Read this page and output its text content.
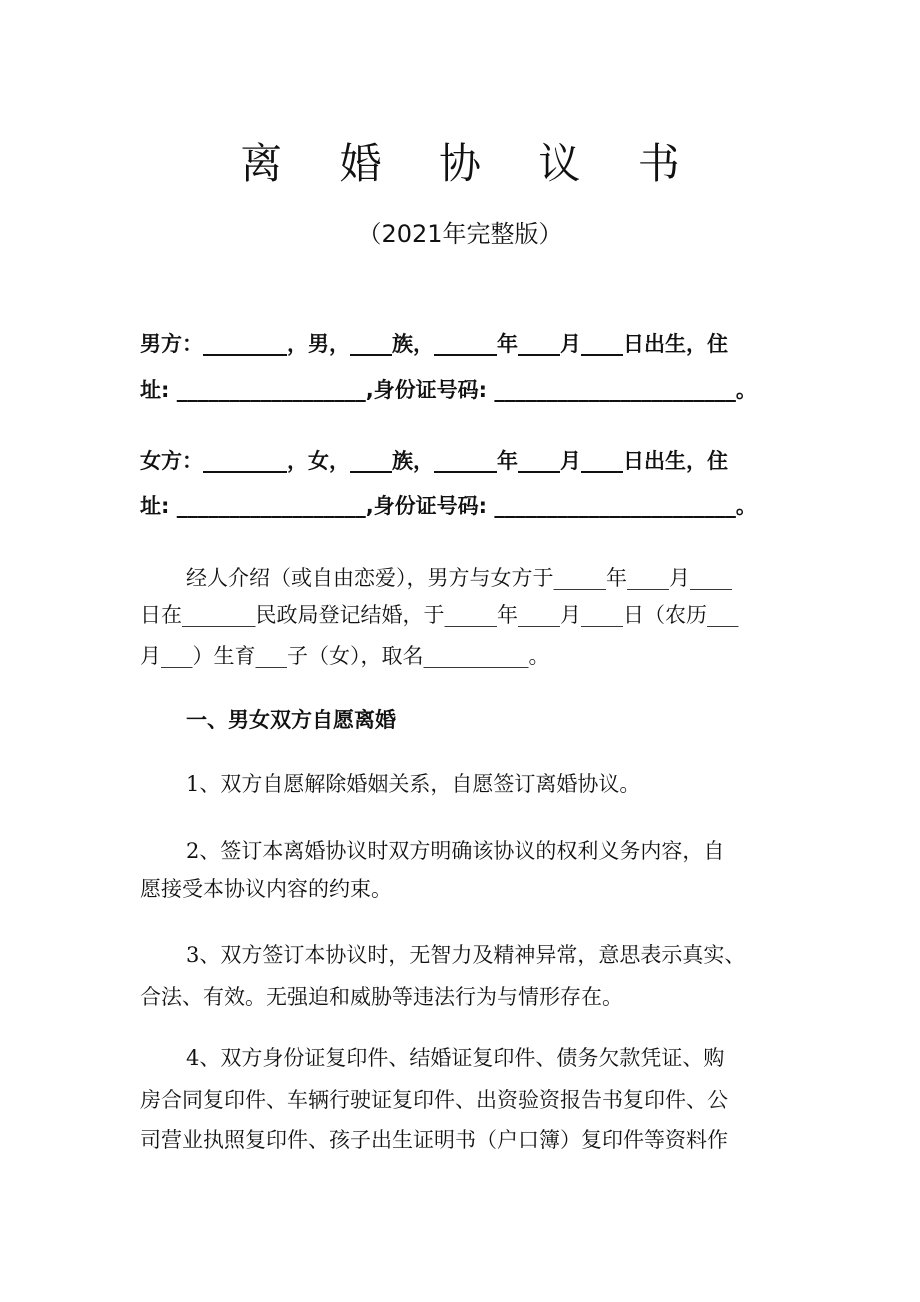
离 婚 协 议 书
（2021年完整版）
男方：________，男，____族，______年____月____日出生，住
址: __________________,身份证号码: _______________________。
女方：________，女，____族，______年____月____日出生，住
址: __________________,身份证号码: _______________________。
经人介绍（或自由恋爱），男方与女方于_____年____月____
日在_______民政局登记结婚，于_____年____月____日（农历___
月___）生育___子（女），取名__________。
一、男女双方自愿离婚
1、双方自愿解除婚姻关系，自愿签订离婚协议。
2、签订本离婚协议时双方明确该协议的权利义务内容，自
愿接受本协议内容的约束。
3、双方签订本协议时，无智力及精神异常，意思表示真实、
合法、有效。无强迫和威胁等违法行为与情形存在。
4、双方身份证复印件、结婚证复印件、债务欠款凭证、购
房合同复印件、车辆行驶证复印件、出资验资报告书复印件、公
司营业执照复印件、孩子出生证明书（户口簿）复印件等资料作
